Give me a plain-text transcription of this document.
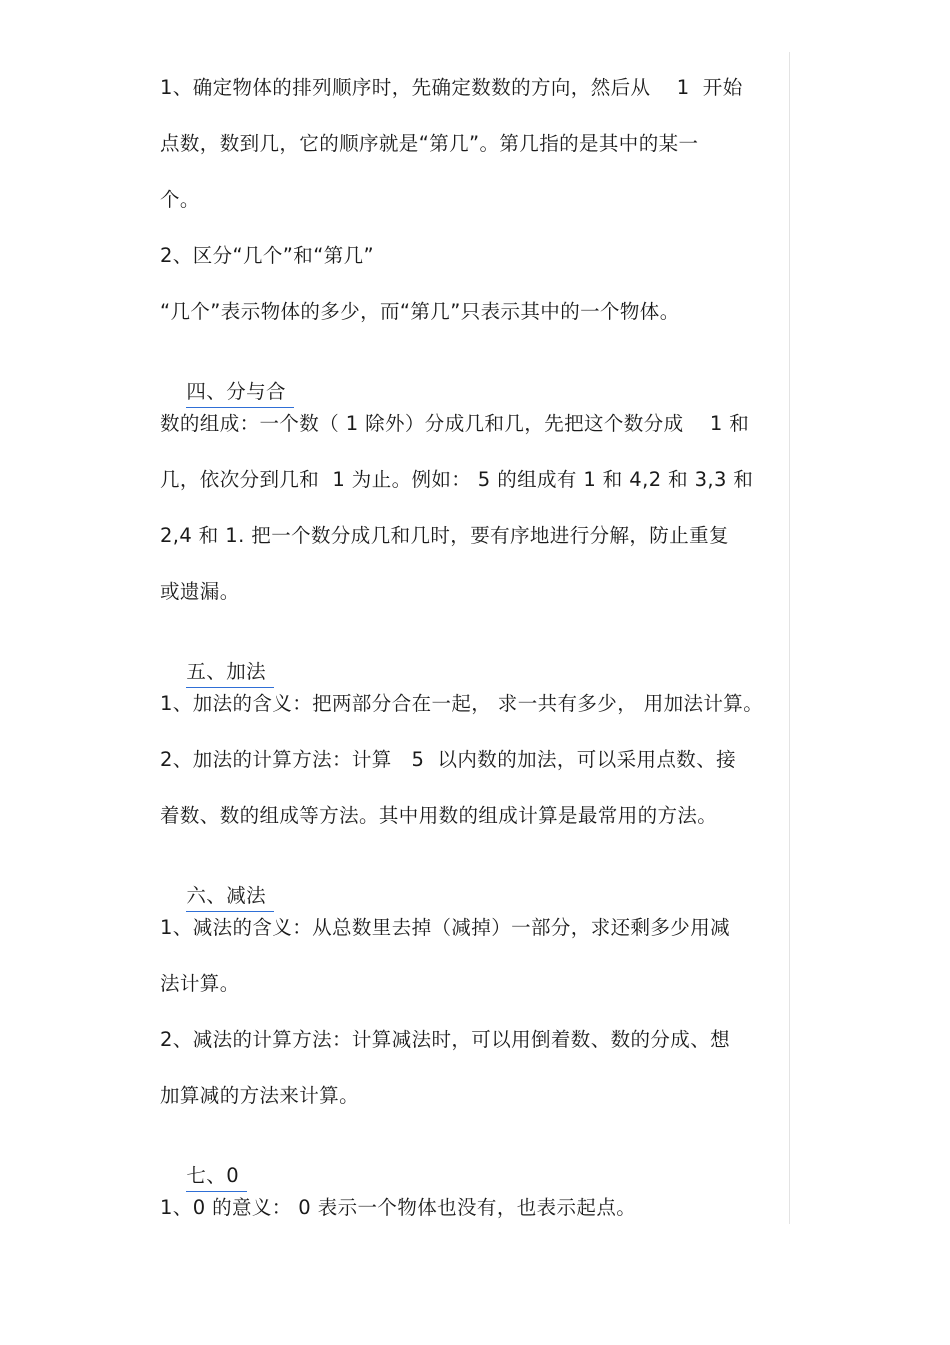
1、确定物体的排列顺序时，先确定数数的方向，然后从    1  开始
点数，数到几，它的顺序就是“第几”。第几指的是其中的某一
个。
2、区分“几个”和“第几”
“几个”表示物体的多少，而“第几”只表示其中的一个物体。

四、分与合

数的组成：一个数（ 1 除外）分成几和几，先把这个数分成    1 和
几，依次分到几和  1 为止。例如： 5 的组成有 1 和 4,2 和 3,3 和
2,4 和 1. 把一个数分成几和几时，要有序地进行分解，防止重复
或遗漏。

五、加法

1、加法的含义：把两部分合在一起， 求一共有多少， 用加法计算。
2、加法的计算方法：计算   5  以内数的加法，可以采用点数、接
着数、数的组成等方法。其中用数的组成计算是最常用的方法。

六、减法

1、减法的含义：从总数里去掉（减掉）一部分，求还剩多少用减
法计算。
2、减法的计算方法：计算减法时，可以用倒着数、数的分成、想
加算减的方法来计算。

七、0

1、0 的意义： 0 表示一个物体也没有，也表示起点。
